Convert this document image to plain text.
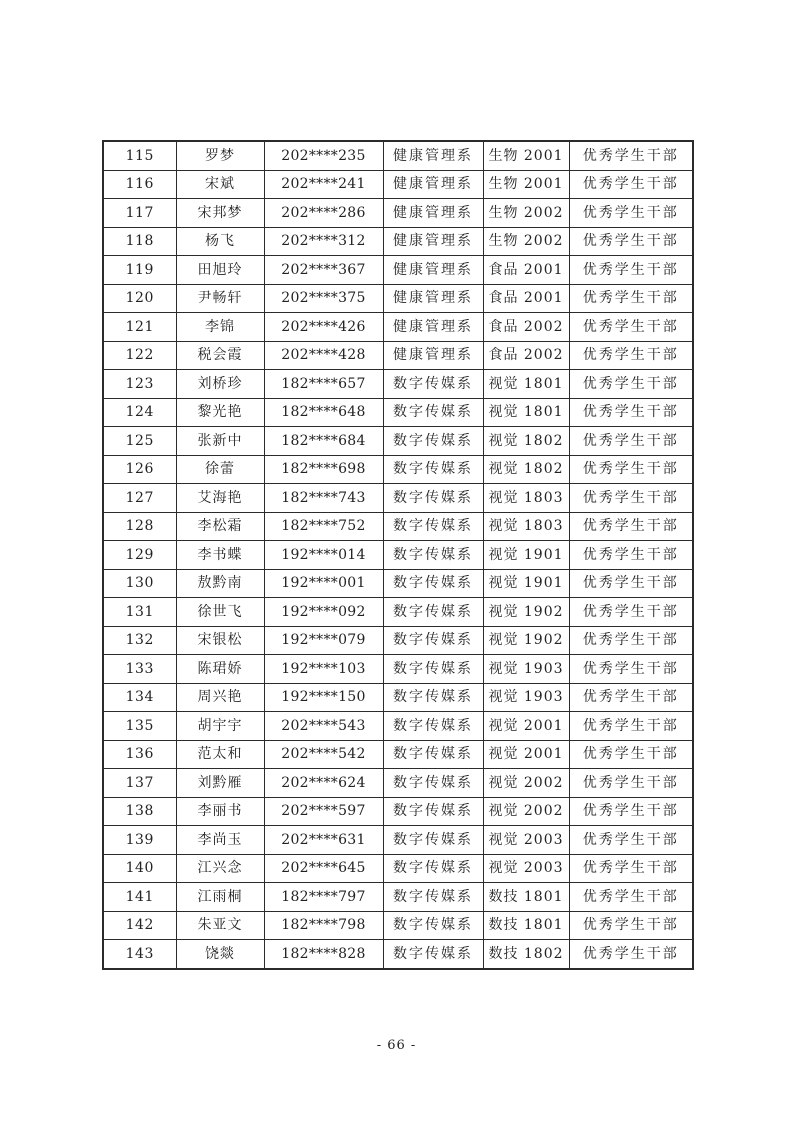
115	罗梦	202****235	健康管理系	生物 2001	优秀学生干部
116	宋斌	202****241	健康管理系	生物 2001	优秀学生干部
117	宋邦梦	202****286	健康管理系	生物 2002	优秀学生干部
118	杨飞	202****312	健康管理系	生物 2002	优秀学生干部
119	田旭玲	202****367	健康管理系	食品 2001	优秀学生干部
120	尹畅轩	202****375	健康管理系	食品 2001	优秀学生干部
121	李锦	202****426	健康管理系	食品 2002	优秀学生干部
122	税会霞	202****428	健康管理系	食品 2002	优秀学生干部
123	刘桥珍	182****657	数字传媒系	视觉 1801	优秀学生干部
124	黎光艳	182****648	数字传媒系	视觉 1801	优秀学生干部
125	张新中	182****684	数字传媒系	视觉 1802	优秀学生干部
126	徐蕾	182****698	数字传媒系	视觉 1802	优秀学生干部
127	艾海艳	182****743	数字传媒系	视觉 1803	优秀学生干部
128	李松霜	182****752	数字传媒系	视觉 1803	优秀学生干部
129	李书蝶	192****014	数字传媒系	视觉 1901	优秀学生干部
130	敖黔南	192****001	数字传媒系	视觉 1901	优秀学生干部
131	徐世飞	192****092	数字传媒系	视觉 1902	优秀学生干部
132	宋银松	192****079	数字传媒系	视觉 1902	优秀学生干部
133	陈珺娇	192****103	数字传媒系	视觉 1903	优秀学生干部
134	周兴艳	192****150	数字传媒系	视觉 1903	优秀学生干部
135	胡宇宇	202****543	数字传媒系	视觉 2001	优秀学生干部
136	范太和	202****542	数字传媒系	视觉 2001	优秀学生干部
137	刘黔雁	202****624	数字传媒系	视觉 2002	优秀学生干部
138	李丽书	202****597	数字传媒系	视觉 2002	优秀学生干部
139	李尚玉	202****631	数字传媒系	视觉 2003	优秀学生干部
140	江兴念	202****645	数字传媒系	视觉 2003	优秀学生干部
141	江雨桐	182****797	数字传媒系	数技 1801	优秀学生干部
142	朱亚文	182****798	数字传媒系	数技 1801	优秀学生干部
143	饶燚	182****828	数字传媒系	数技 1802	优秀学生干部
- 66 -
